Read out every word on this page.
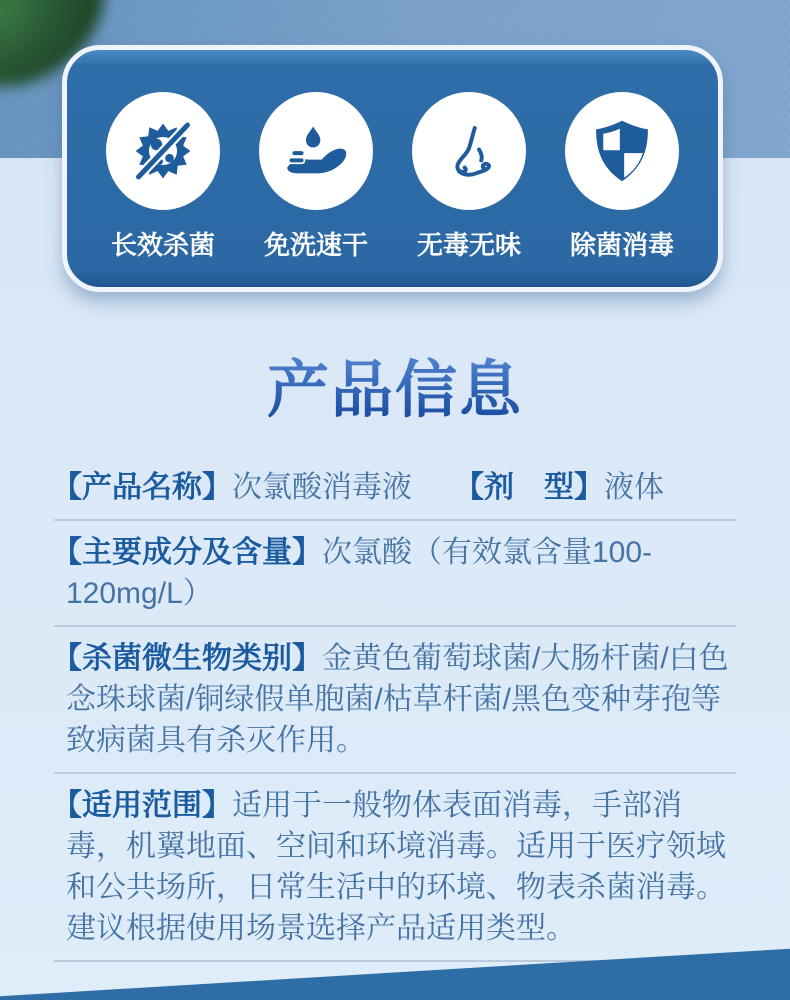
长效杀菌 免洗速干 无毒无味 除菌消毒
产品信息

【产品名称】次氯酸消毒液 【剂　型】液体

【主要成分及含量】次氯酸（有效氯含量100-120mg/L）

【杀菌微生物类别】金黄色葡萄球菌/大肠杆菌/白色念珠球菌/铜绿假单胞菌/枯草杆菌/黑色变种芽孢等致病菌具有杀灭作用。

【适用范围】适用于一般物体表面消毒，手部消毒，机翼地面、空间和环境消毒。适用于医疗领域和公共场所，日常生活中的环境、物表杀菌消毒。建议根据使用场景选择产品适用类型。
